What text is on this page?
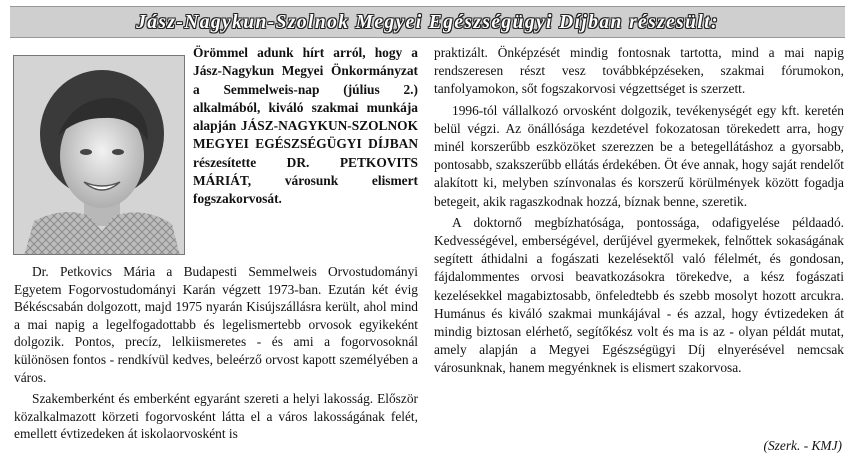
Jász-Nagykun-Szolnok Megyei Egészségügyi Díjban részesült:

Örömmel adunk hírt arról, hogy a Jász-Nagykun Megyei Önkormányzat a Semmelweis-nap (július 2.) alkalmából, kiváló szakmai munkája alapján JÁSZ-NAGYKUN-SZOLNOK MEGYEI EGÉSZSÉGÜGYI DÍJBAN részesítette DR. PETKOVITS MÁRIÁT, városunk elismert fogszakorvosát.

Dr. Petkovics Mária a Budapesti Semmelweis Orvostudományi Egyetem Fogorvostudományi Karán végzett 1973-ban. Ezután két évig Békéscsabán dolgozott, majd 1975 nyarán Kisújszállásra került, ahol mind a mai napig a legelfogadottabb és legelismertebb orvosok egyikeként dolgozik. Pontos, precíz, lelkiismeretes - és ami a fogorvosoknál különösen fontos - rendkívül kedves, beleérző orvost kapott személyében a város.

Szakemberként és emberként egyaránt szereti a helyi lakosság. Először közalkalmazott körzeti fogorvosként látta el a város lakosságának felét, emellett évtizedeken át iskolaorvosként is

praktizált. Önképzését mindig fontosnak tartotta, mind a mai napig rendszeresen részt vesz továbbképzéseken, szakmai fórumokon, tanfolyamokon, sőt fogszakorvosi végzettséget is szerzett.

1996-tól vállalkozó orvosként dolgozik, tevékenységét egy kft. keretén belül végzi. Az önállósága kezdetével fokozatosan törekedett arra, hogy minél korszerűbb eszközöket szerezzen be a betegellátáshoz a gyorsabb, pontosabb, szakszerűbb ellátás érdekében. Öt éve annak, hogy saját rendelőt alakított ki, melyben színvonalas és korszerű körülmények között fogadja betegeit, akik ragaszkodnak hozzá, bíznak benne, szeretik.

A doktornő megbízhatósága, pontossága, odafigyelése példaadó. Kedvességével, emberségével, derűjével gyermekek, felnőttek sokaságának segített áthidalni a fogászati kezelésektől való félelmét, és gondosan, fájdalommentes orvosi beavatkozásokra törekedve, a kész fogászati kezelésekkel magabiztosabb, önfeledtebb és szebb mosolyt hozott arcukra. Humánus és kiváló szakmai munkájával - és azzal, hogy évtizedeken át mindig biztosan elérhető, segítőkész volt és ma is az - olyan példát mutat, amely alapján a Megyei Egészségügyi Díj elnyerésével nemcsak városunknak, hanem megyénknek is elismert szakorvosa.

(Szerk. - KMJ)
